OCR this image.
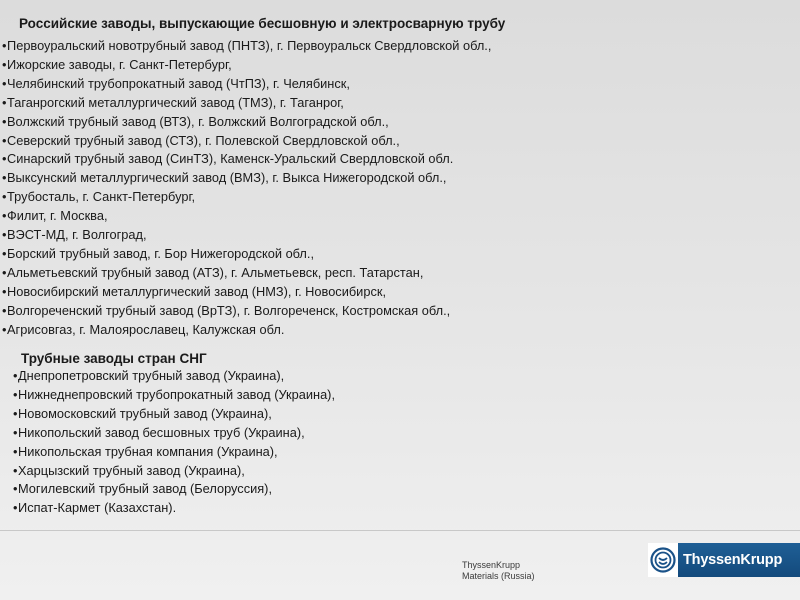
Российские заводы, выпускающие бесшовную и электросварную трубу
• Первоуральский новотрубный завод (ПНТЗ), г. Первоуральск Свердловской обл.,
• Ижорские заводы, г. Санкт-Петербург,
• Челябинский трубопрокатный завод (ЧтПЗ), г. Челябинск,
• Таганрогский металлургический завод (ТМЗ), г. Таганрог,
• Волжский трубный завод (ВТЗ), г. Волжский Волгоградской обл.,
• Северский трубный завод (СТЗ), г. Полевской Свердловской обл.,
• Синарский трубный завод (СинТЗ), Каменск-Уральский Свердловской обл.
• Выксунский металлургический завод (ВМЗ), г. Выкса Нижегородской обл.,
• Трубосталь, г. Санкт-Петербург,
• Филит, г. Москва,
• ВЭСТ-МД, г. Волгоград,
• Борский трубный завод, г. Бор Нижегородской обл.,
• Альметьевский трубный завод (АТЗ), г. Альметьевск, респ. Татарстан,
• Новосибирский металлургический завод (НМЗ), г. Новосибирск,
• Волгореченский трубный завод (ВрТЗ), г. Волгореченск, Костромская обл.,
• Агрисовгаз, г. Малоярославец, Калужская обл.
Трубные заводы стран СНГ
• Днепропетровский трубный завод (Украина),
• Нижнеднепровский трубопрокатный завод (Украина),
• Новомосковский трубный завод (Украина),
• Никопольский завод бесшовных труб (Украина),
• Никопольская трубная компания (Украина),
• Харцызский трубный завод (Украина),
• Могилевский трубный завод (Белоруссия),
• Испат-Кармет (Казахстан).
ThyssenKrupp
Materials (Russia)
ThyssenKrupp
